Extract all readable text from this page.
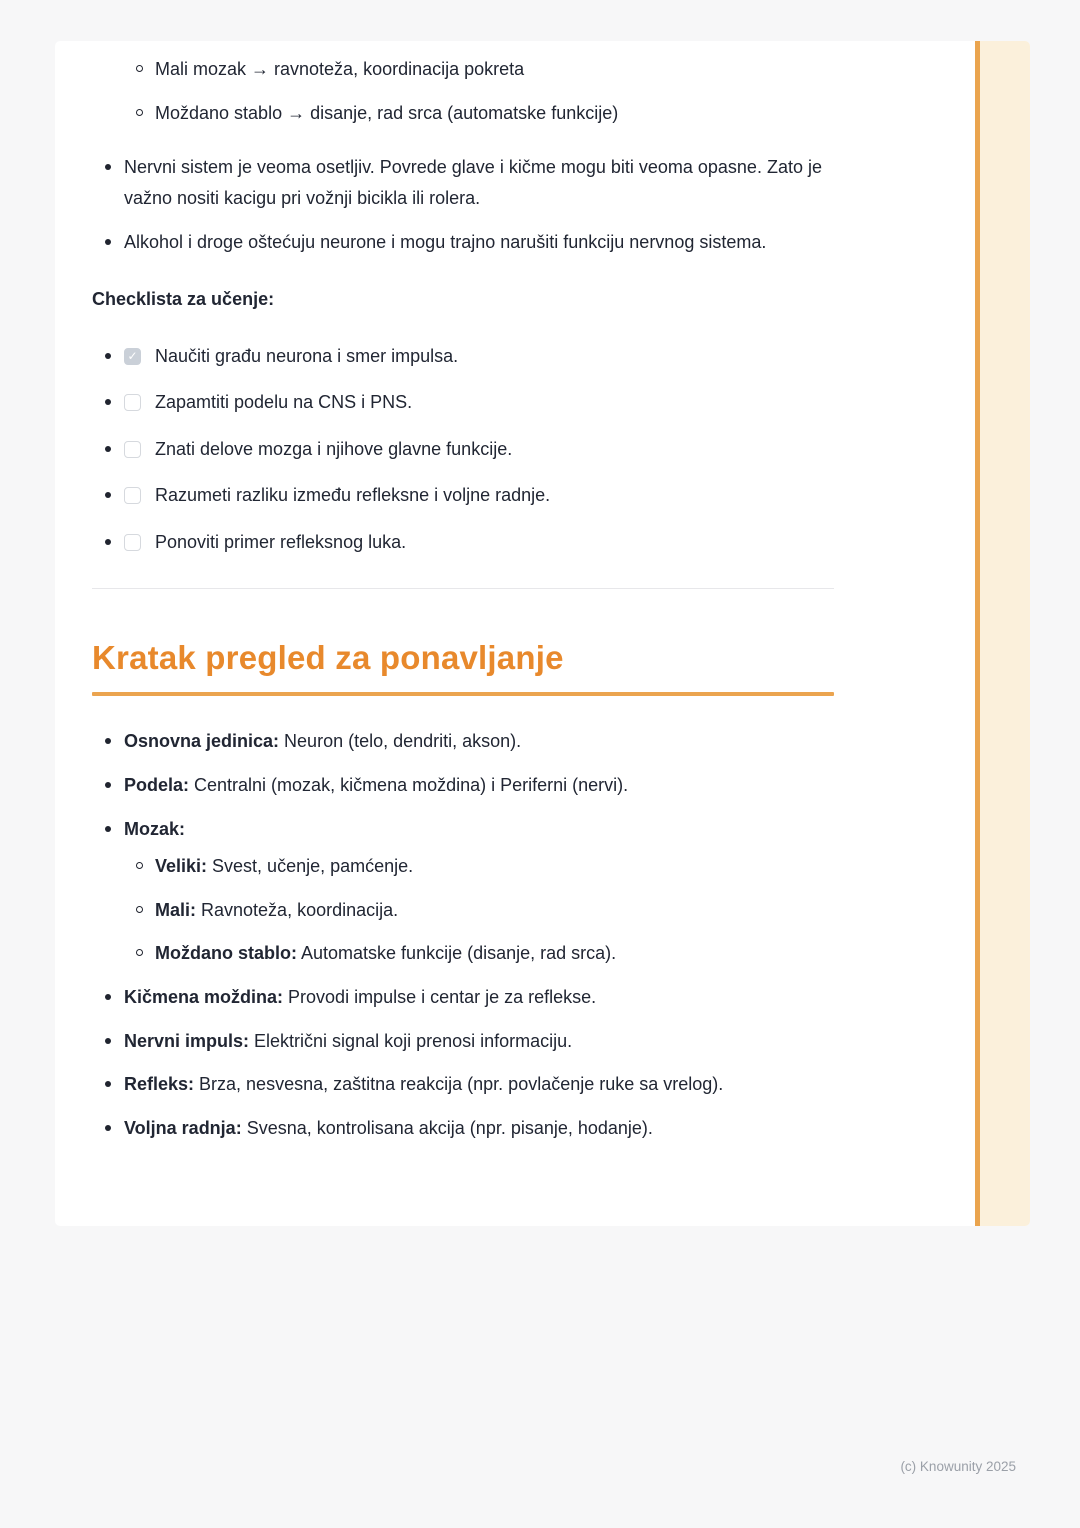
Mali mozak → ravnoteža, koordinacija pokreta

Moždano stablo → disanje, rad srca (automatske funkcije)

Nervni sistem je veoma osetljiv. Povrede glave i kičme mogu biti veoma opasne. Zato je važno nositi kacigu pri vožnji bicikla ili rolera.

Alkohol i droge oštećuju neurone i mogu trajno narušiti funkciju nervnog sistema.

Checklista za učenje:
✓ Naučiti građu neurona i smer impulsa.
Zapamtiti podelu na CNS i PNS.
Znati delove mozga i njihove glavne funkcije.
Razumeti razliku između refleksne i voljne radnje.
Ponoviti primer refleksnog luka.
Kratak pregled za ponavljanje

Osnovna jedinica: Neuron (telo, dendriti, akson).

Podela: Centralni (mozak, kičmena moždina) i Periferni (nervi).

Mozak:

Veliki: Svest, učenje, pamćenje.

Mali: Ravnoteža, koordinacija.

Moždano stablo: Automatske funkcije (disanje, rad srca).

Kičmena moždina: Provodi impulse i centar je za reflekse.

Nervni impuls: Električni signal koji prenosi informaciju.

Refleks: Brza, nesvesna, zaštitna reakcija (npr. povlačenje ruke sa vrelog).

Voljna radnja: Svesna, kontrolisana akcija (npr. pisanje, hodanje).

(c) Knowunity 2025
